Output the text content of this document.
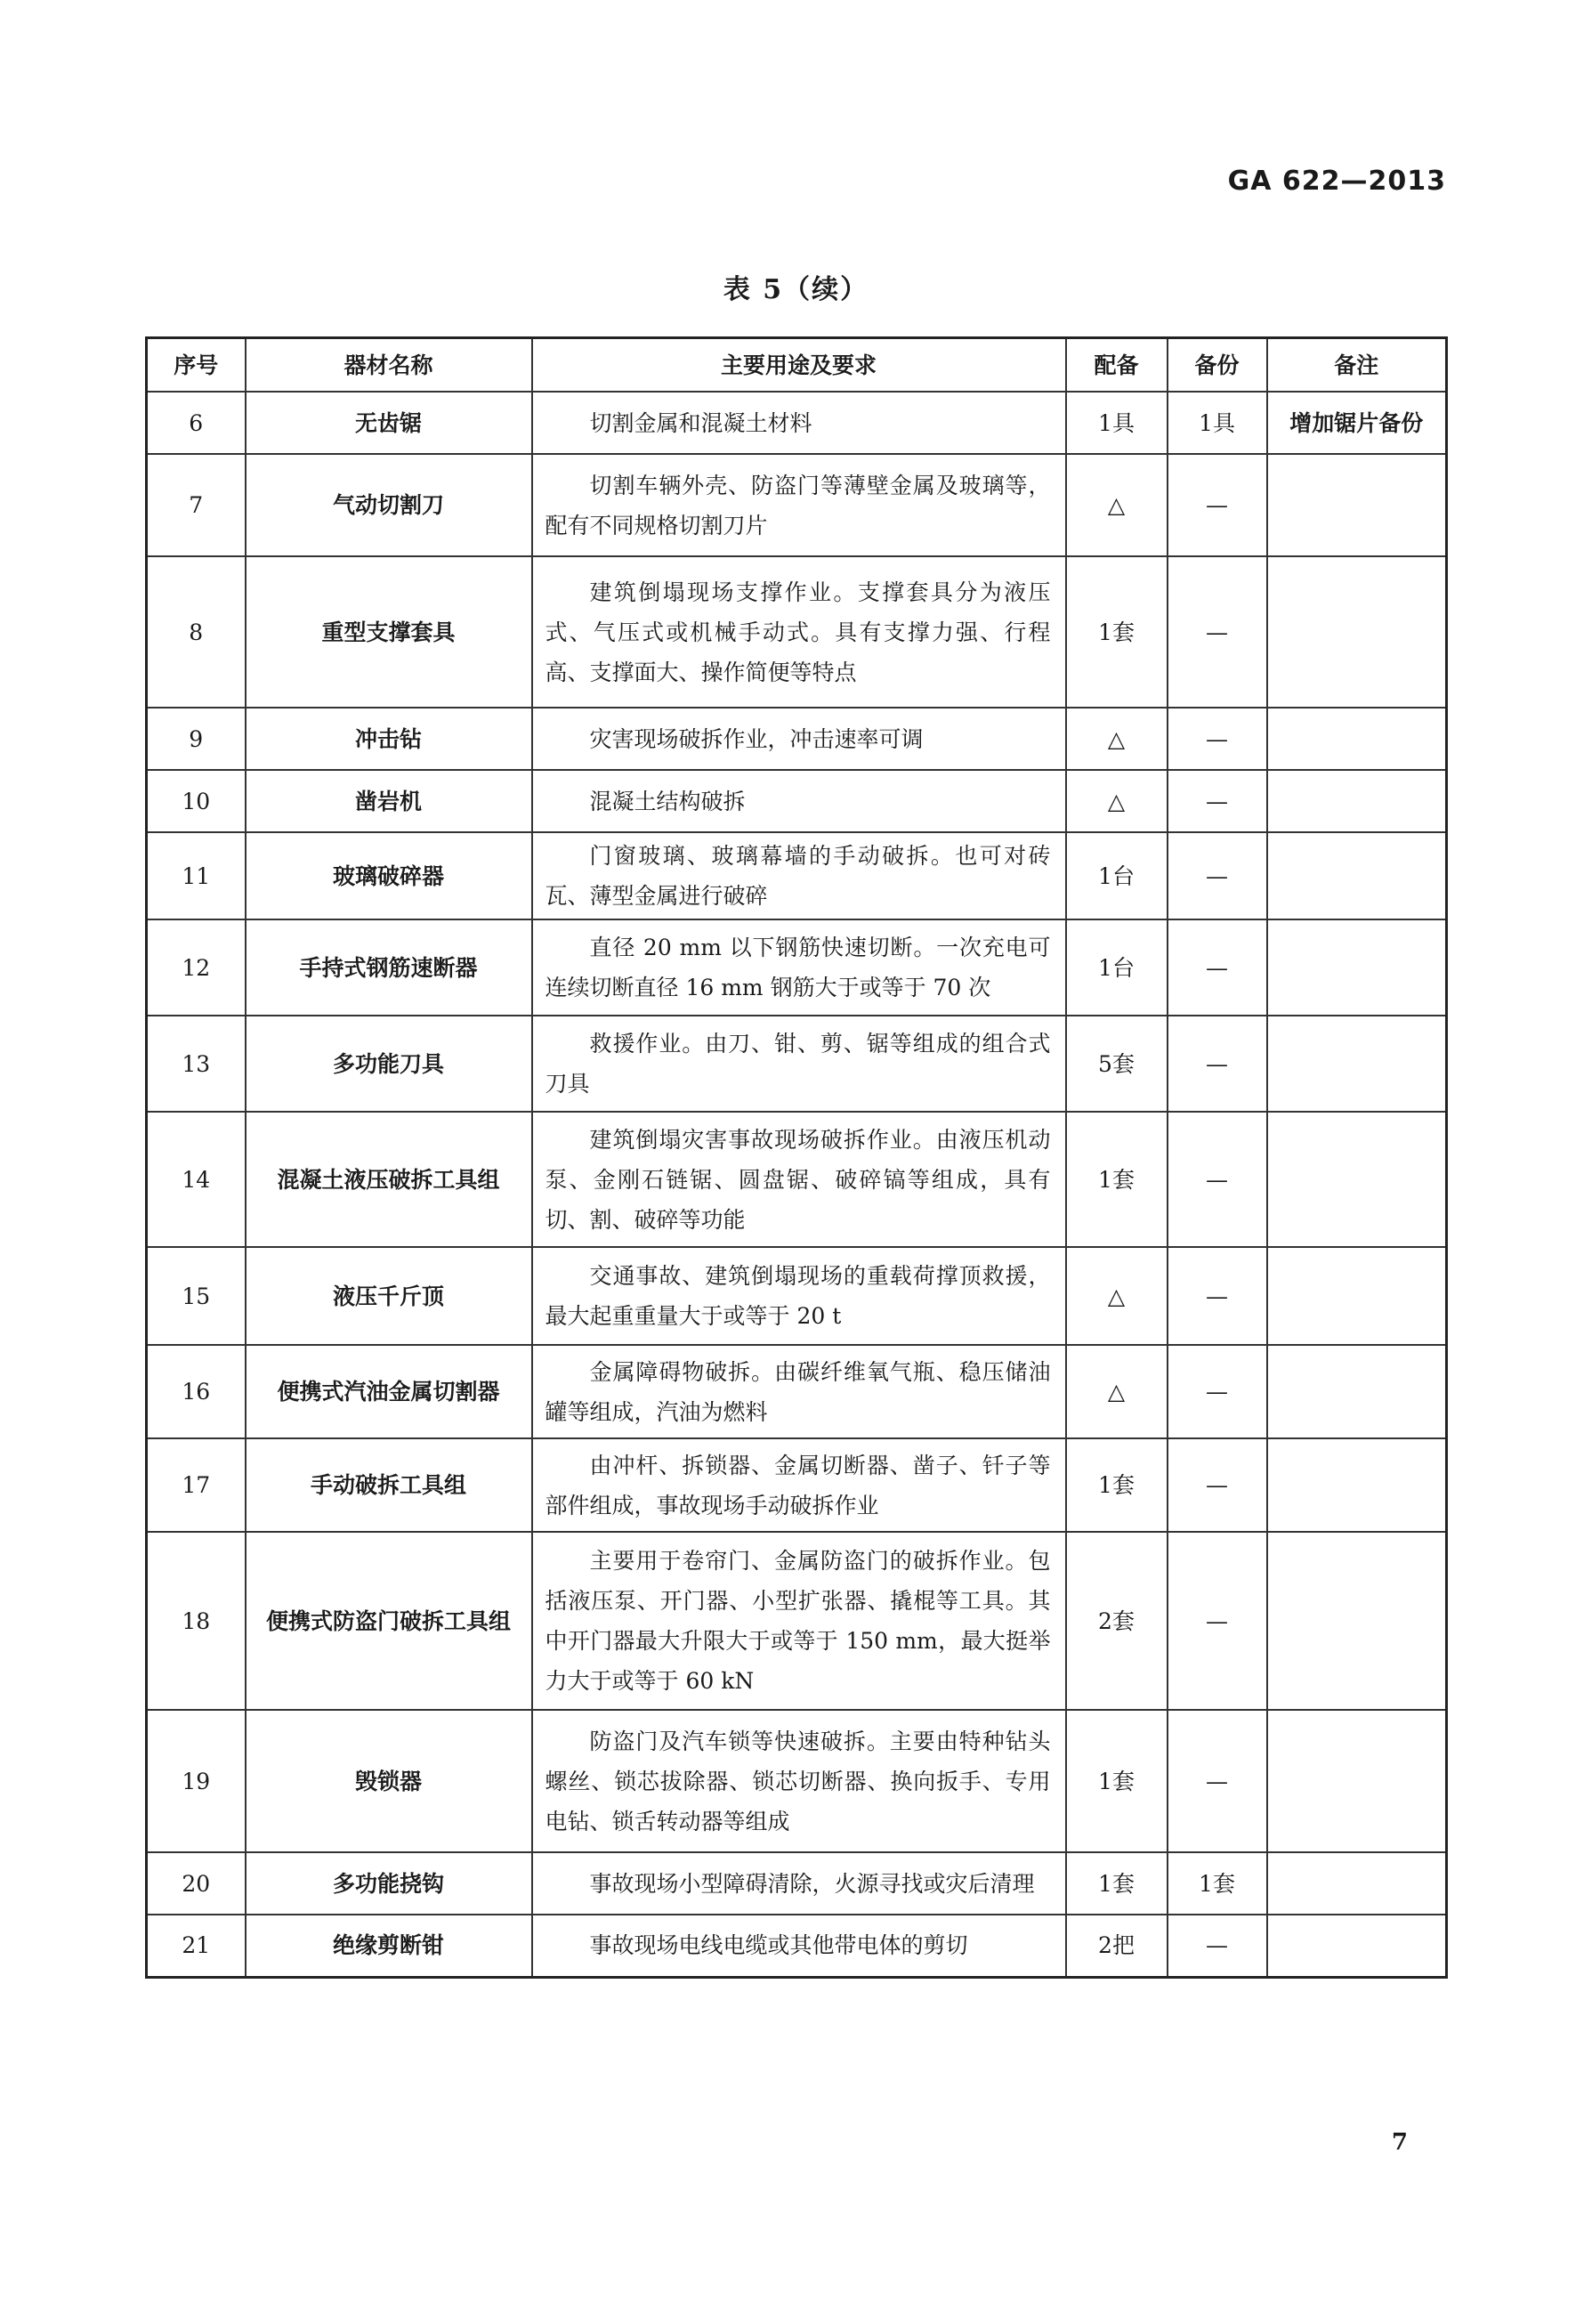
GA 622—2013
表 5（续）
序号	器材名称	主要用途及要求	配备	备份	备注
6	无齿锯	切割金属和混凝土材料	1具	1具	增加锯片备份
7	气动切割刀	切割车辆外壳、防盗门等薄壁金属及玻璃等，配有不同规格切割刀片	△	—	
8	重型支撑套具	建筑倒塌现场支撑作业。支撑套具分为液压式、气压式或机械手动式。具有支撑力强、行程高、支撑面大、操作简便等特点	1套	—	
9	冲击钻	灾害现场破拆作业，冲击速率可调	△	—	
10	凿岩机	混凝土结构破拆	△	—	
11	玻璃破碎器	门窗玻璃、玻璃幕墙的手动破拆。也可对砖瓦、薄型金属进行破碎	1台	—	
12	手持式钢筋速断器	直径 20 mm 以下钢筋快速切断。一次充电可连续切断直径 16 mm 钢筋大于或等于 70 次	1台	—	
13	多功能刀具	救援作业。由刀、钳、剪、锯等组成的组合式刀具	5套	—	
14	混凝土液压破拆工具组	建筑倒塌灾害事故现场破拆作业。由液压机动泵、金刚石链锯、圆盘锯、破碎镐等组成，具有切、割、破碎等功能	1套	—	
15	液压千斤顶	交通事故、建筑倒塌现场的重载荷撑顶救援，最大起重重量大于或等于 20 t	△	—	
16	便携式汽油金属切割器	金属障碍物破拆。由碳纤维氧气瓶、稳压储油罐等组成，汽油为燃料	△	—	
17	手动破拆工具组	由冲杆、拆锁器、金属切断器、凿子、钎子等部件组成，事故现场手动破拆作业	1套	—	
18	便携式防盗门破拆工具组	主要用于卷帘门、金属防盗门的破拆作业。包括液压泵、开门器、小型扩张器、撬棍等工具。其中开门器最大升限大于或等于 150 mm，最大挺举力大于或等于 60 kN	2套	—	
19	毁锁器	防盗门及汽车锁等快速破拆。主要由特种钻头螺丝、锁芯拔除器、锁芯切断器、换向扳手、专用电钻、锁舌转动器等组成	1套	—	
20	多功能挠钩	事故现场小型障碍清除，火源寻找或灾后清理	1套	1套	
21	绝缘剪断钳	事故现场电线电缆或其他带电体的剪切	2把	—	
7
